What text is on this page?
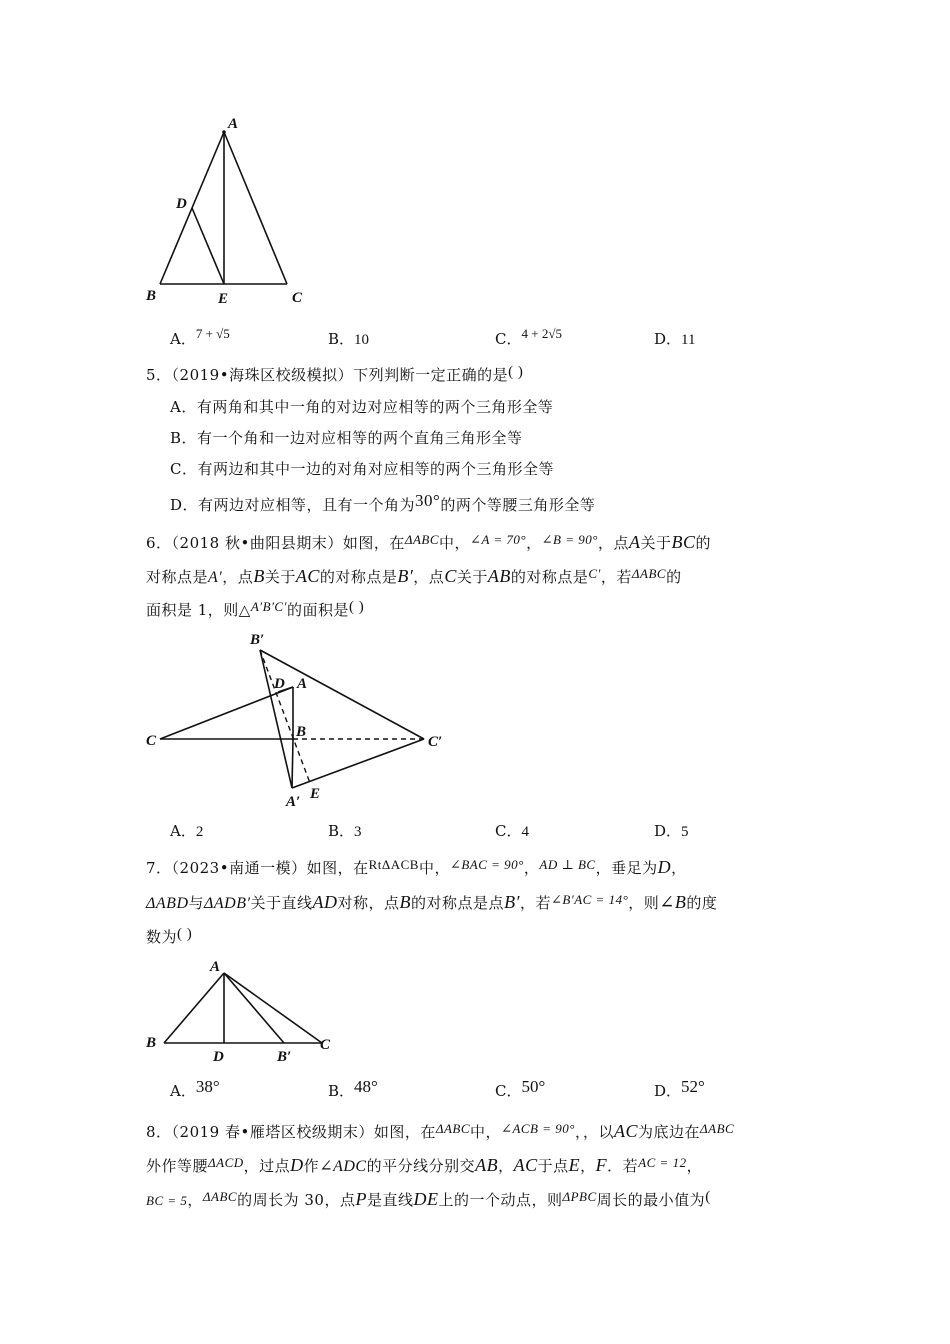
A
D
B	E	C
A．7 + √5	B．10	C．4 + 2√5	D．11
5．（2019•海珠区校级模拟）下列判断一定正确的是( )
A．有两角和其中一角的对边对应相等的两个三角形全等
B．有一个角和一边对应相等的两个直角三角形全等
C．有两边和其中一边的对角对应相等的两个三角形全等
D．有两边对应相等，且有一个角为30°的两个等腰三角形全等
6．（2018 秋•曲阳县期末）如图，在ΔABC中，∠A = 70°，∠B = 90°，点A关于BC的
对称点是A′，点B关于AC的对称点是B′，点C关于AB的对称点是C′，若ΔABC的
面积是 1，则△A′B′C′的面积是( )
B′
D A
C
B
C′
A′ E
A．2	B．3	C．4	D．5
7．（2023•南通一模）如图，在RtΔACB中，∠BAC = 90°，AD ⊥ BC，垂足为D，
ΔABD与ΔADB′关于直线AD对称，点B的对称点是点B′，若∠B′AC = 14°，则∠B的度
数为( )
A
B
D	B′
C
A．38°	B．48°	C．50°	D．52°
8．（2019 春•雁塔区校级期末）如图，在ΔABC中，∠ACB = 90°，，以AC为底边在ΔABC
外作等腰ΔACD，过点D作∠ADC的平分线分别交AB，AC于点E，F．若AC = 12，
BC = 5，ΔABC的周长为 30，点P是直线DE上的一个动点，则ΔPBC周长的最小值为(
